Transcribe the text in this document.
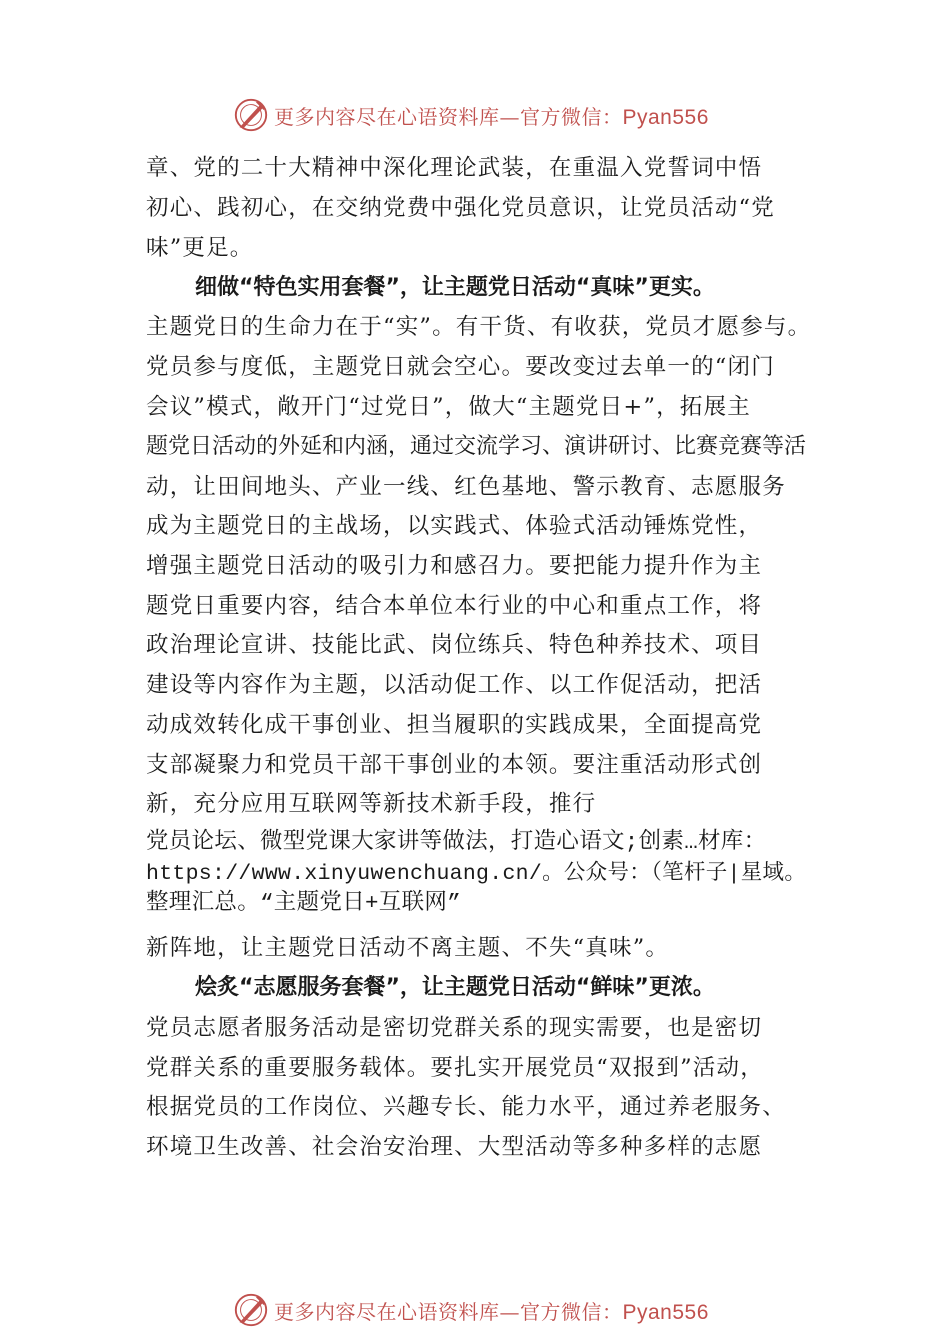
更多内容尽在心语资料库—官方微信：Pyan556
章、党的二十大精神中深化理论武装，在重温入党誓词中悟
初心、践初心，在交纳党费中强化党员意识，让党员活动“党
味”更足。
细做“特色实用套餐”，让主题党日活动“真味”更实。
主题党日的生命力在于“实”。有干货、有收获，党员才愿参与。
党员参与度低，主题党日就会空心。要改变过去单一的“闭门
会议”模式，敞开门“过党日”，做大“主题党日+”，拓展主
题党日活动的外延和内涵，通过交流学习、演讲研讨、比赛竞赛等活
动，让田间地头、产业一线、红色基地、警示教育、志愿服务
成为主题党日的主战场，以实践式、体验式活动锤炼党性，
增强主题党日活动的吸引力和感召力。要把能力提升作为主
题党日重要内容，结合本单位本行业的中心和重点工作，将
政治理论宣讲、技能比武、岗位练兵、特色种养技术、项目
建设等内容作为主题，以活动促工作、以工作促活动，把活
动成效转化成干事创业、担当履职的实践成果，全面提高党
支部凝聚力和党员干部干事创业的本领。要注重活动形式创
新，充分应用互联网等新技术新手段，推行
党员论坛、微型党课大家讲等做法，打造心语文;创素…材库：
https://www.xinyuwenchuang.cn/。公众号：（笔杆子|星域。
整理汇总。“主题党日+互联网”
新阵地，让主题党日活动不离主题、不失“真味”。
烩炙“志愿服务套餐”，让主题党日活动“鲜味”更浓。
党员志愿者服务活动是密切党群关系的现实需要，也是密切
党群关系的重要服务载体。要扎实开展党员“双报到”活动，
根据党员的工作岗位、兴趣专长、能力水平，通过养老服务、
环境卫生改善、社会治安治理、大型活动等多种多样的志愿
更多内容尽在心语资料库—官方微信：Pyan556
